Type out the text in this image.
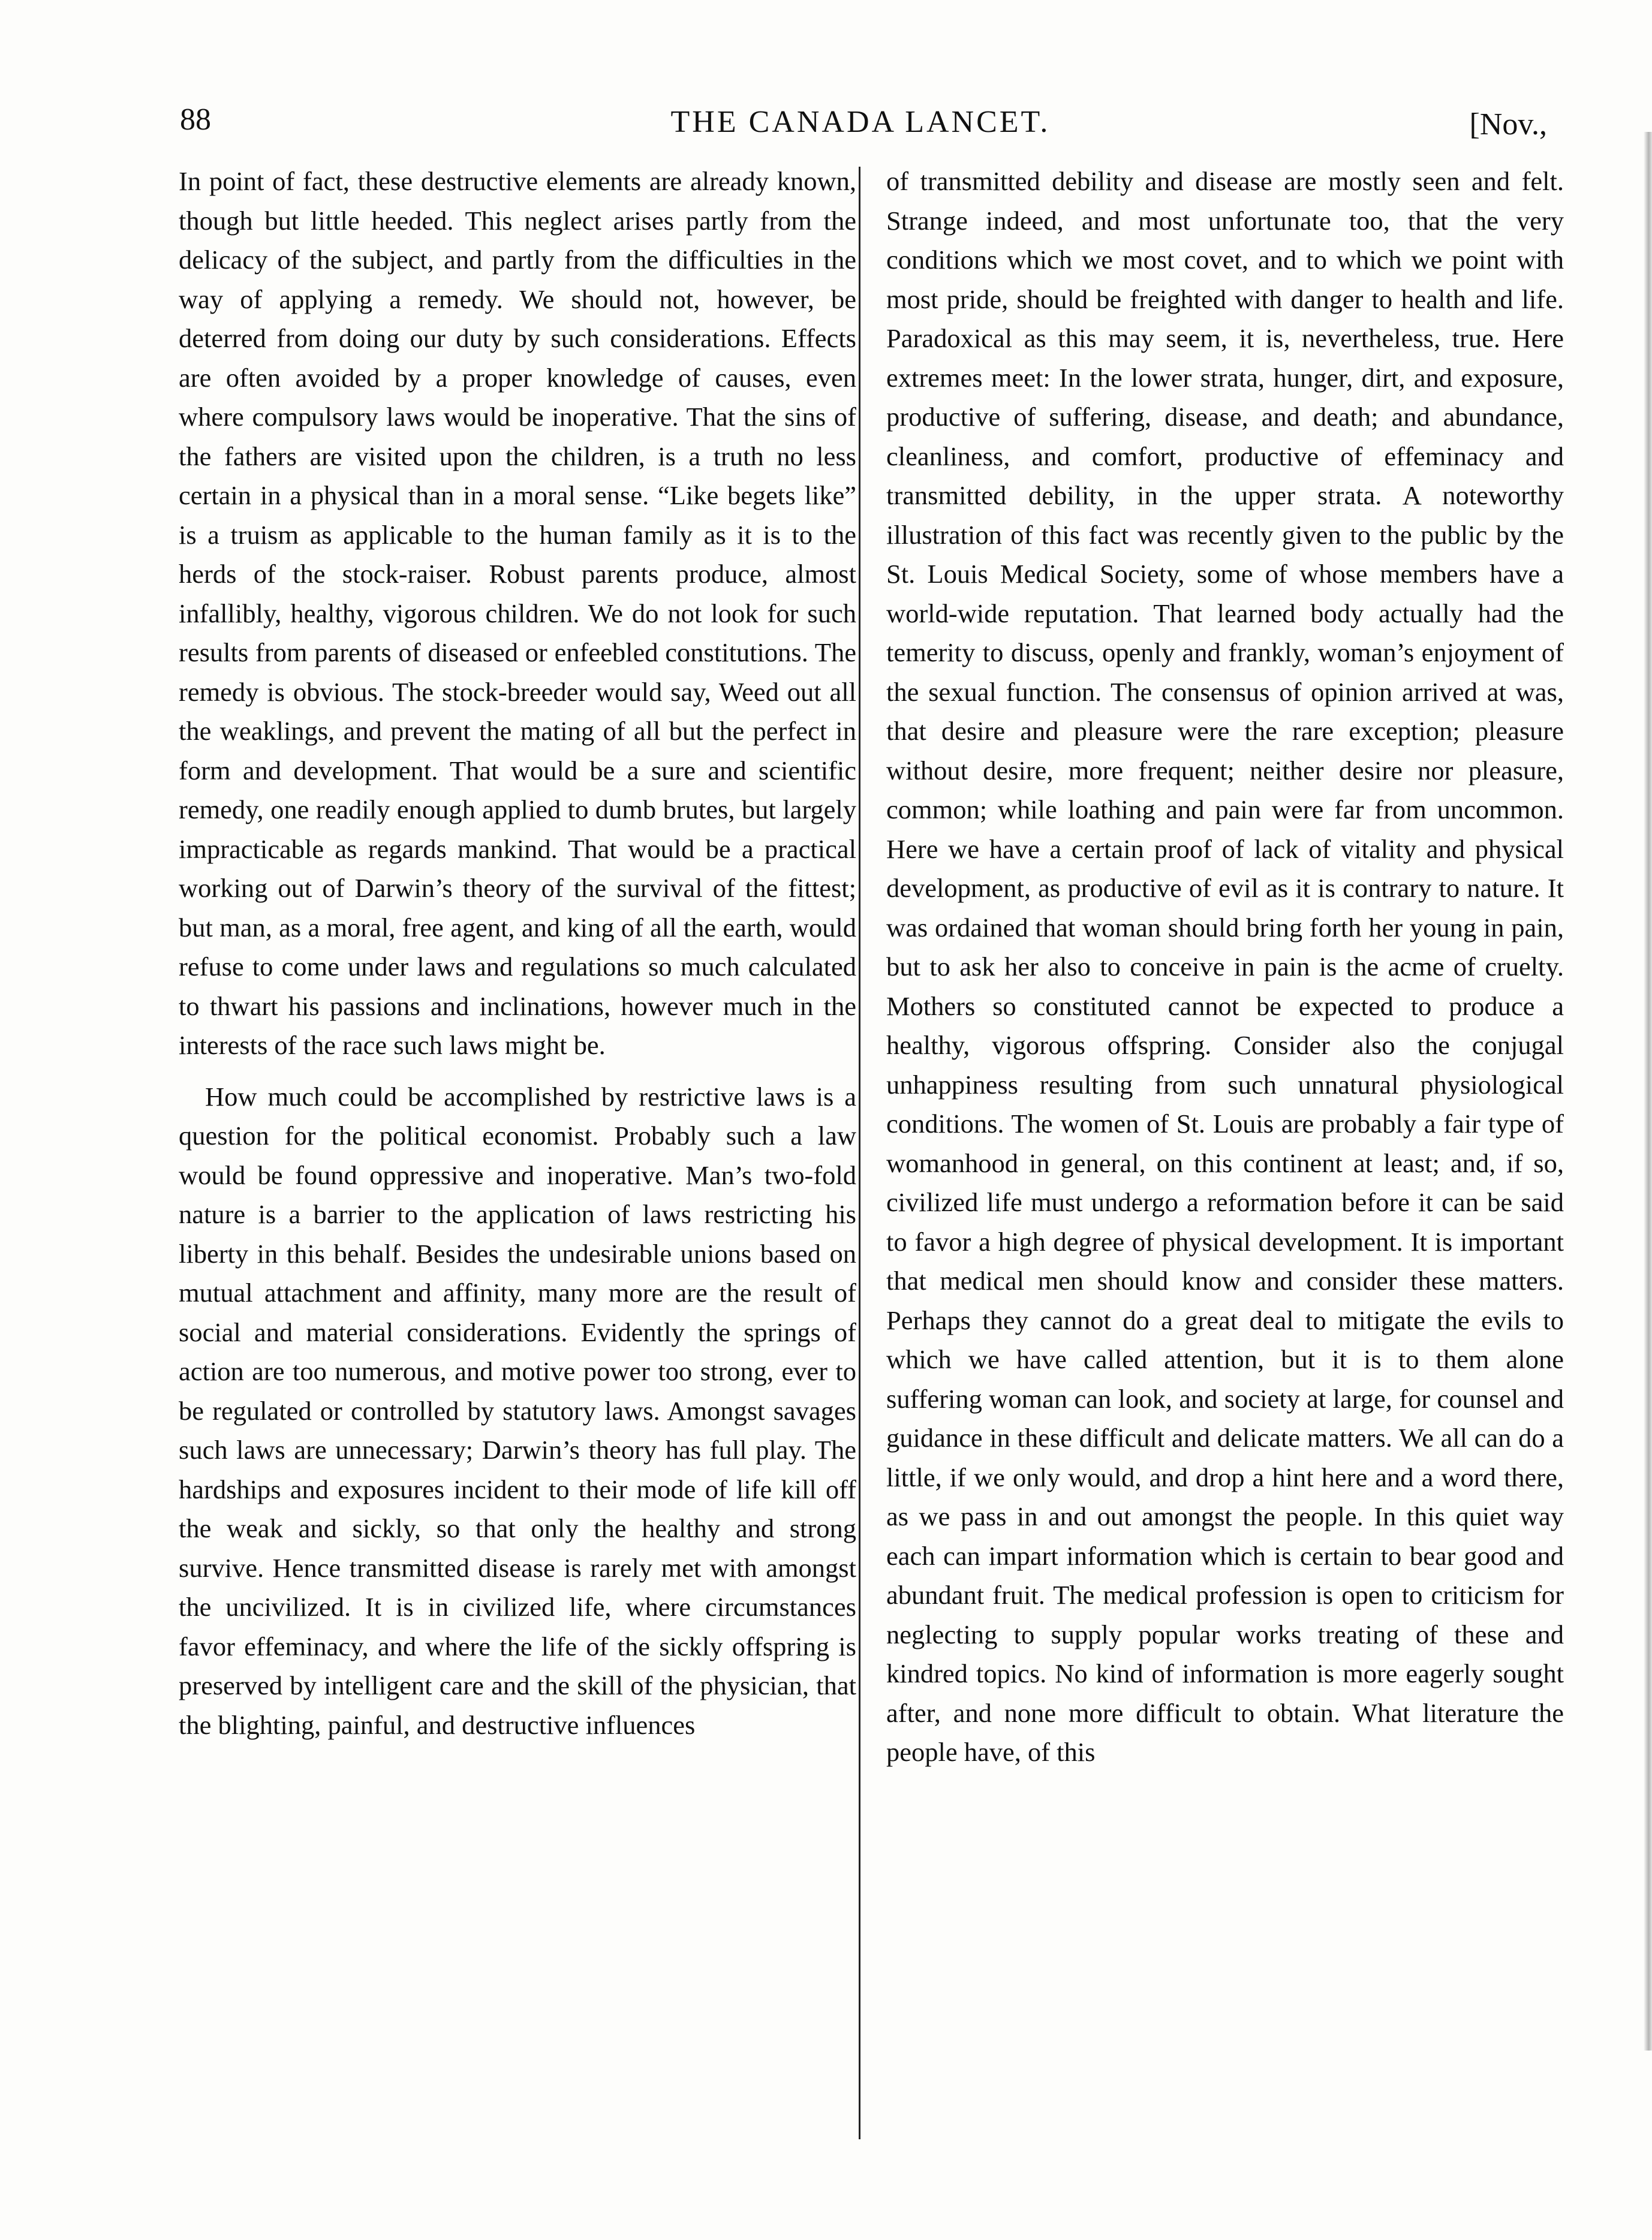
88	THE CANADA LANCET.	[Nov.,

In point of fact, these destructive elements are already known, though but little heeded. This neglect arises partly from the delicacy of the subject, and partly from the difficulties in the way of applying a remedy. We should not, however, be deterred from doing our duty by such considerations. Effects are often avoided by a proper knowledge of causes, even where compulsory laws would be inoperative. That the sins of the fathers are visited upon the children, is a truth no less certain in a physical than in a moral sense. “Like begets like” is a truism as applicable to the human family as it is to the herds of the stock-raiser. Robust parents produce, almost infallibly, healthy, vigorous children. We do not look for such results from parents of diseased or enfeebled constitutions. The remedy is obvious. The stock-breeder would say, Weed out all the weaklings, and prevent the mating of all but the perfect in form and development. That would be a sure and scientific remedy, one readily enough applied to dumb brutes, but largely impracticable as regards mankind. That would be a practical working out of Darwin’s theory of the survival of the fittest; but man, as a moral, free agent, and king of all the earth, would refuse to come under laws and regulations so much calculated to thwart his passions and inclinations, however much in the interests of the race such laws might be.

How much could be accomplished by restrictive laws is a question for the political economist. Probably such a law would be found oppressive and inoperative. Man’s two-fold nature is a barrier to the application of laws restricting his liberty in this behalf. Besides the undesirable unions based on mutual attachment and affinity, many more are the result of social and material considerations. Evidently the springs of action are too numerous, and motive power too strong, ever to be regulated or controlled by statutory laws. Amongst savages such laws are unnecessary; Darwin’s theory has full play. The hardships and exposures incident to their mode of life kill off the weak and sickly, so that only the healthy and strong survive. Hence transmitted disease is rarely met with amongst the uncivilized. It is in civilized life, where circumstances favor effeminacy, and where the life of the sickly offspring is preserved by intelligent care and the skill of the physician, that the blighting, painful, and destructive influences

of transmitted debility and disease are mostly seen and felt. Strange indeed, and most unfortunate too, that the very conditions which we most covet, and to which we point with most pride, should be freighted with danger to health and life. Paradoxical as this may seem, it is, nevertheless, true. Here extremes meet: In the lower strata, hunger, dirt, and exposure, productive of suffering, disease, and death; and abundance, cleanliness, and comfort, productive of effeminacy and transmitted debility, in the upper strata. A noteworthy illustration of this fact was recently given to the public by the St. Louis Medical Society, some of whose members have a world-wide reputation. That learned body actually had the temerity to discuss, openly and frankly, woman’s enjoyment of the sexual function. The consensus of opinion arrived at was, that desire and pleasure were the rare exception; pleasure without desire, more frequent; neither desire nor pleasure, common; while loathing and pain were far from uncommon. Here we have a certain proof of lack of vitality and physical development, as productive of evil as it is contrary to nature. It was ordained that woman should bring forth her young in pain, but to ask her also to conceive in pain is the acme of cruelty. Mothers so constituted cannot be expected to produce a healthy, vigorous offspring. Consider also the conjugal unhappiness resulting from such unnatural physiological conditions. The women of St. Louis are probably a fair type of womanhood in general, on this continent at least; and, if so, civilized life must undergo a reformation before it can be said to favor a high degree of physical development. It is important that medical men should know and consider these matters. Perhaps they cannot do a great deal to mitigate the evils to which we have called attention, but it is to them alone suffering woman can look, and society at large, for counsel and guidance in these difficult and delicate matters. We all can do a little, if we only would, and drop a hint here and a word there, as we pass in and out amongst the people. In this quiet way each can impart information which is certain to bear good and abundant fruit. The medical profession is open to criticism for neglecting to supply popular works treating of these and kindred topics. No kind of information is more eagerly sought after, and none more difficult to obtain. What literature the people have, of this
